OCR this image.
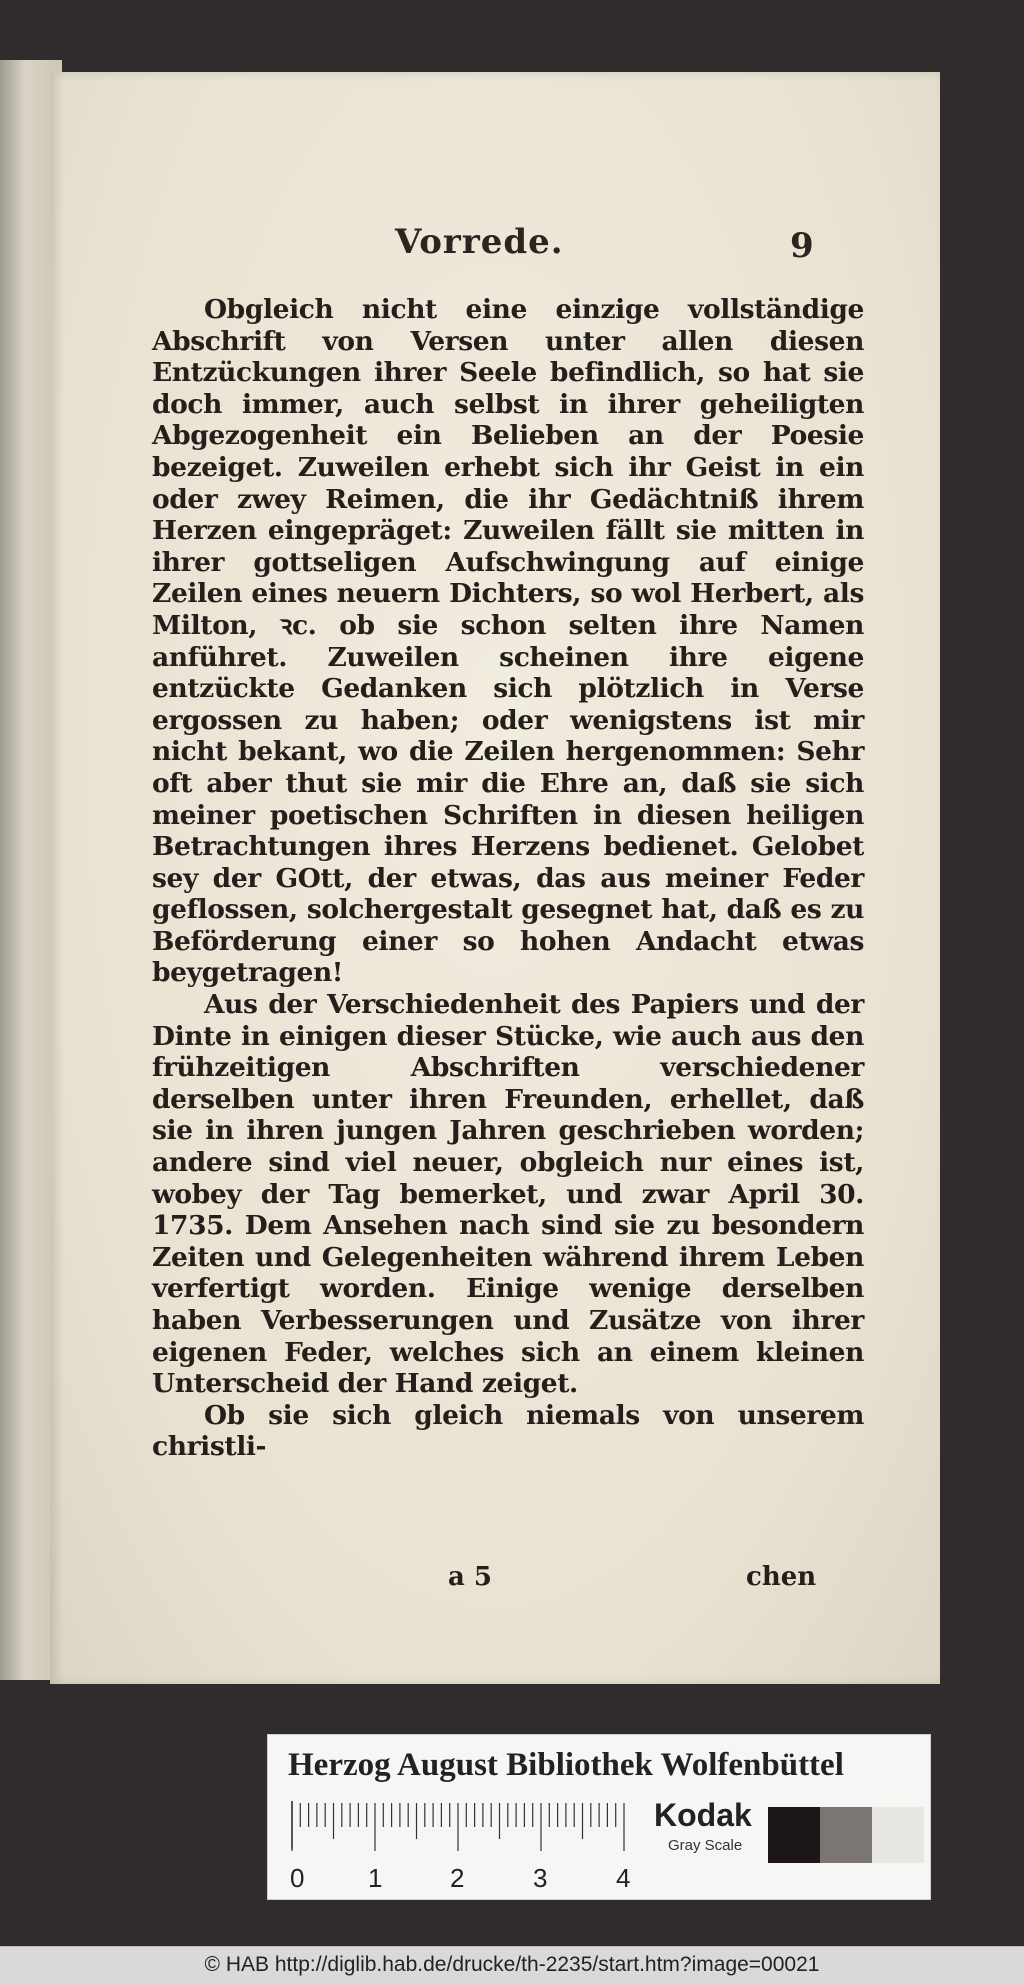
Vorrede.	9

Obgleich nicht eine einzige vollständige Abschrift von Versen unter allen diesen Entzückungen ihrer Seele befindlich, so hat sie doch immer, auch selbst in ihrer geheiligten Abgezogenheit ein Belieben an der Poesie bezeiget. Zuweilen erhebt sich ihr Geist in ein oder zwey Reimen, die ihr Gedächtniß ihrem Herzen eingepräget: Zuweilen fällt sie mitten in ihrer gottseligen Aufschwingung auf einige Zeilen eines neuern Dichters, so wol Herbert, als Milton, ꝛc. ob sie schon selten ihre Namen anführet. Zuweilen scheinen ihre eigene entzückte Gedanken sich plötzlich in Verse ergossen zu haben; oder wenigstens ist mir nicht bekant, wo die Zeilen hergenommen: Sehr oft aber thut sie mir die Ehre an, daß sie sich meiner poetischen Schriften in diesen heiligen Betrachtungen ihres Herzens bedienet. Gelobet sey der GOtt, der etwas, das aus meiner Feder geflossen, solchergestalt gesegnet hat, daß es zu Beförderung einer so hohen Andacht etwas beygetragen!

Aus der Verschiedenheit des Papiers und der Dinte in einigen dieser Stücke, wie auch aus den frühzeitigen Abschriften verschiedener derselben unter ihren Freunden, erhellet, daß sie in ihren jungen Jahren geschrieben worden; andere sind viel neuer, obgleich nur eines ist, wobey der Tag bemerket, und zwar April 30. 1735. Dem Ansehen nach sind sie zu besondern Zeiten und Gelegenheiten während ihrem Leben verfertigt worden. Einige wenige derselben haben Verbesserungen und Zusätze von ihrer eigenen Feder, welches sich an einem kleinen Unterscheid der Hand zeiget.

Ob sie sich gleich niemals von unserem christli-

a 5	chen
Herzog August Bibliothek Wolfenbüttel
0 1	2	3	4
Kodak
Gray Scale
© HAB http://diglib.hab.de/drucke/th-2235/start.htm?image=00021
